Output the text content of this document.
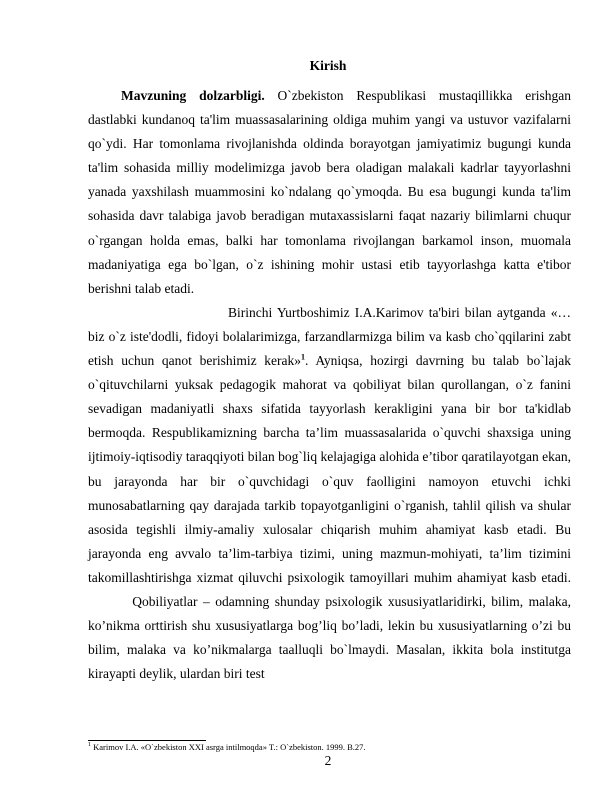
Kirish

Mavzuning dolzarbligi. O`zbekiston Respublikasi mustaqillikka erishgan dastlabki kundanoq ta'lim muassasalarining oldiga muhim yangi va ustuvor vazifalarni qo`ydi. Har tomonlama rivojlanishda oldinda borayotgan jamiyatimiz bugungi kunda ta'lim sohasida milliy modelimizga javob bera oladigan malakali kadrlar tayyorlashni yanada yaxshilash muammosini ko`ndalang qo`ymoqda. Bu esa bugungi kunda ta'lim sohasida davr talabiga javob beradigan mutaxassislarni faqat nazariy bilimlarni chuqur o`rgangan holda emas, balki har tomonlama rivojlangan barkamol inson, muomala madaniyatiga ega bo`lgan, o`z ishining mohir ustasi etib tayyorlashga katta e'tibor berishni talab etadi.

Birinchi Yurtboshimiz I.A.Karimov ta'biri bilan aytganda «…biz o`z iste'dodli, fidoyi bolalarimizga, farzandlarmizga bilim va kasb cho`qqilarini zabt etish uchun qanot berishimiz kerak»$^1$. Ayniqsa, hozirgi davrning bu talab bo`lajak o`qituvchilarni yuksak pedagogik mahorat va qobiliyat bilan qurollangan, o`z fanini sevadigan madaniyatli shaxs sifatida tayyorlash kerakligini yana bir bor ta'kidlab bermoqda. Respublikamizning barcha ta’lim muassasalarida o`quvchi shaxsiga uning ijtimoiy-iqtisodiy taraqqiyoti bilan bog`liq kelajagiga alohida e’tibor qaratilayotgan ekan, bu jarayonda har bir o`quvchidagi o`quv faolligini namoyon etuvchi ichki munosabatlarning qay darajada tarkib topayotganligini o`rganish, tahlil qilish va shular asosida tegishli ilmiy-amaliy xulosalar chiqarish muhim ahamiyat kasb etadi. Bu jarayonda eng avvalo ta’lim-tarbiya tizimi, uning mazmun-mohiyati, ta’lim tizimini takomillashtirishga xizmat qiluvchi psixologik tamoyillari muhim ahamiyat kasb etadi.         Qobiliyatlar – odamning shunday psixologik xususiyatlaridirki, bilim, malaka, ko’nikma orttirish shu xususiyatlarga bog’liq bo’ladi, lekin bu xususiyatlarning o’zi bu bilim, malaka va ko’nikmalarga taalluqli bo`lmaydi. Masalan, ikkita bola institutga kirayapti deylik, ulardan biri test

$^1$ Karimov I.A. «O`zbekiston XXI asrga intilmoqda» T.: O`zbekiston. 1999. B.27.
2
